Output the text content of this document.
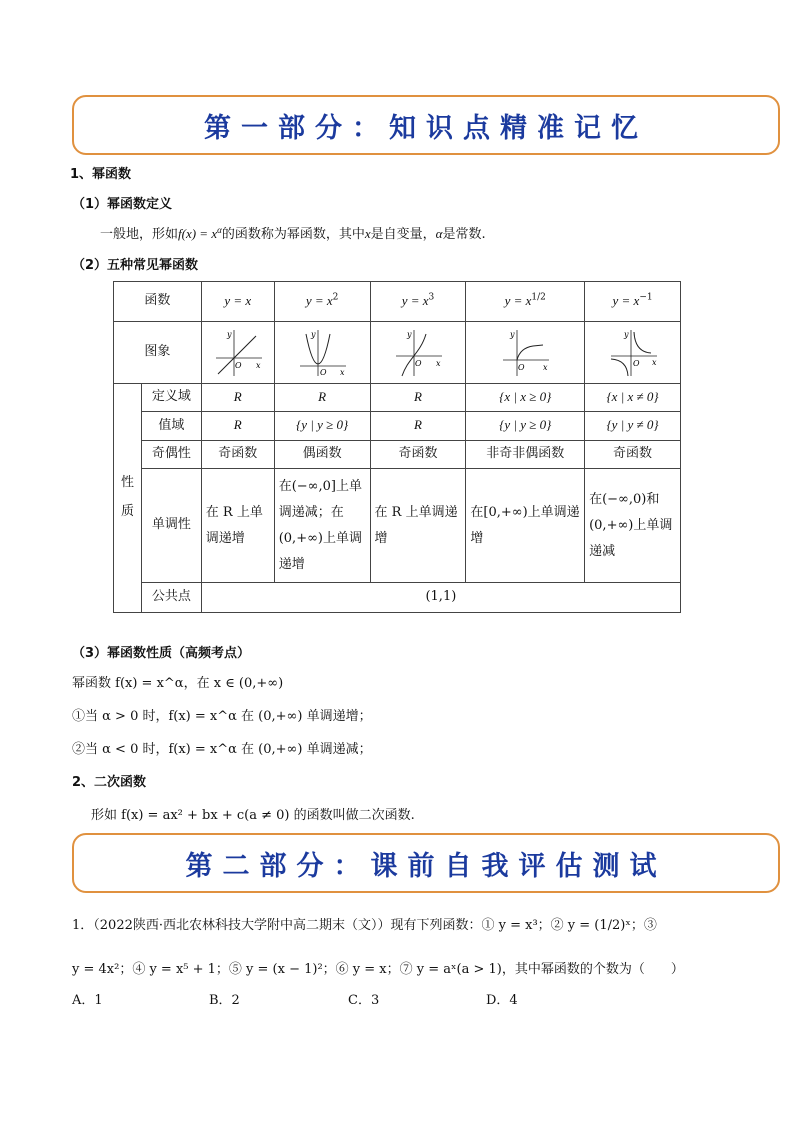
第一部分：知识点精准记忆
1、幂函数
（1）幂函数定义
一般地，形如$f(x) = x^\alpha$的函数称为幂函数，其中x是自变量，α是常数.
（2）五种常见幂函数
函数		y = x	$y = x^2$	$y = x^3$	$y = x^{1/2}$	$y = x^{-1}$
图象		y
x
O	y
x
O	y
x
O	y
x
O	y
x
O

性质	定义域	R	R	R	{x | x ≥ 0}	{x | x ≠ 0}
	值域	R	{y | y ≥ 0}	R	{y | y ≥ 0}	{y | y ≠ 0}
	奇偶性	奇函数	偶函数	奇函数	非奇非偶函数	奇函数
	单调性	在 R 上单调递增	在(−∞,0]上单调递减；在(0,+∞)上单调递增	在 R 上单调递增	在[0,+∞)上单调递增	在(−∞,0)和(0,+∞)上单调递减
	公共点	(1,1)				
（3）幂函数性质（高频考点）
幂函数 f(x) = x^α，在 x ∈ (0,+∞)
①当 α > 0 时，f(x) = x^α 在 (0,+∞) 单调递增；
②当 α < 0 时，f(x) = x^α 在 (0,+∞) 单调递减；
2、二次函数
形如 f(x) = ax² + bx + c(a ≠ 0) 的函数叫做二次函数.
第二部分：课前自我评估测试
1．（2022陕西·西北农林科技大学附中高二期末（文））现有下列函数：① y = x³；② y = (1/2)ˣ；③
y = 4x²；④ y = x⁵ + 1；⑤ y = (x − 1)²；⑥ y = x；⑦ y = aˣ(a > 1)，其中幂函数的个数为（　　）
A．1	B．2	C．3	D．4
